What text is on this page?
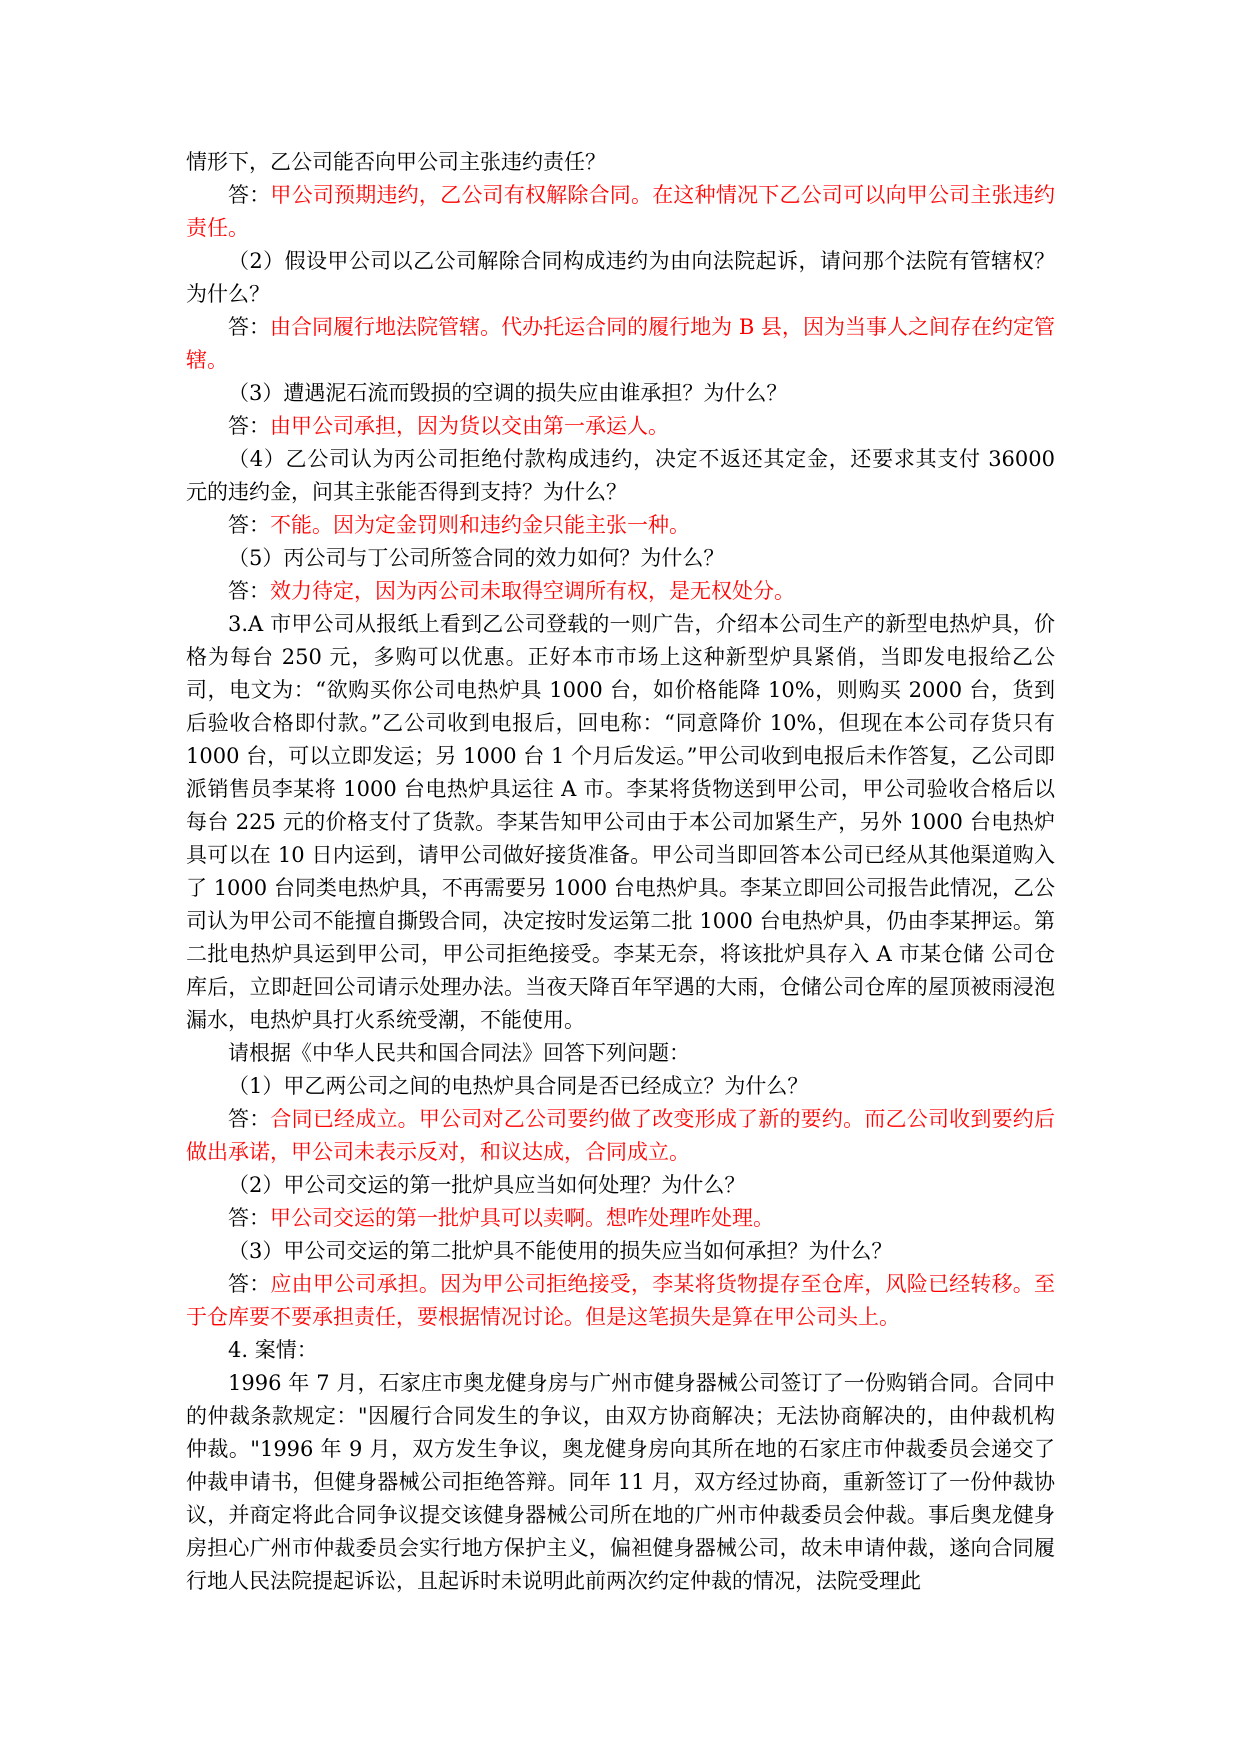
情形下，乙公司能否向甲公司主张违约责任？

答：甲公司预期违约，乙公司有权解除合同。在这种情况下乙公司可以向甲公司主张违约责任。

（2）假设甲公司以乙公司解除合同构成违约为由向法院起诉，请问那个法院有管辖权？为什么？

答：由合同履行地法院管辖。代办托运合同的履行地为 B 县，因为当事人之间存在约定管辖。

（3）遭遇泥石流而毁损的空调的损失应由谁承担？为什么？

答：由甲公司承担，因为货以交由第一承运人。

（4）乙公司认为丙公司拒绝付款构成违约，决定不返还其定金，还要求其支付 36000 元的违约金，问其主张能否得到支持？为什么？

答：不能。因为定金罚则和违约金只能主张一种。

（5）丙公司与丁公司所签合同的效力如何？为什么？

答：效力待定，因为丙公司未取得空调所有权，是无权处分。

3.A 市甲公司从报纸上看到乙公司登载的一则广告，介绍本公司生产的新型电热炉具，价格为每台 250 元，多购可以优惠。正好本市市场上这种新型炉具紧俏，当即发电报给乙公司，电文为：“欲购买你公司电热炉具 1000 台，如价格能降 10%，则购买 2000 台，货到后验收合格即付款。”乙公司收到电报后，回电称：“同意降价 10%，但现在本公司存货只有 1000 台，可以立即发运；另 1000 台 1 个月后发运。”甲公司收到电报后未作答复，乙公司即派销售员李某将 1000 台电热炉具运往 A 市。李某将货物送到甲公司，甲公司验收合格后以每台 225 元的价格支付了货款。李某告知甲公司由于本公司加紧生产，另外 1000 台电热炉具可以在 10 日内运到，请甲公司做好接货准备。甲公司当即回答本公司已经从其他渠道购入了 1000 台同类电热炉具，不再需要另 1000 台电热炉具。李某立即回公司报告此情况，乙公司认为甲公司不能擅自撕毁合同，决定按时发运第二批 1000 台电热炉具，仍由李某押运。第二批电热炉具运到甲公司，甲公司拒绝接受。李某无奈，将该批炉具存入 A 市某仓储 公司仓库后，立即赶回公司请示处理办法。当夜天降百年罕遇的大雨，仓储公司仓库的屋顶被雨浸泡漏水，电热炉具打火系统受潮，不能使用。

请根据《中华人民共和国合同法》回答下列问题：

（1）甲乙两公司之间的电热炉具合同是否已经成立？为什么？

答：合同已经成立。甲公司对乙公司要约做了改变形成了新的要约。而乙公司收到要约后做出承诺，甲公司未表示反对，和议达成，合同成立。

（2）甲公司交运的第一批炉具应当如何处理？为什么？

答：甲公司交运的第一批炉具可以卖啊。想咋处理咋处理。

（3）甲公司交运的第二批炉具不能使用的损失应当如何承担？为什么？

答：应由甲公司承担。因为甲公司拒绝接受，李某将货物提存至仓库，风险已经转移。至于仓库要不要承担责任，要根据情况讨论。但是这笔损失是算在甲公司头上。

4. 案情：

1996 年 7 月，石家庄市奥龙健身房与广州市健身器械公司签订了一份购销合同。合同中的仲裁条款规定："因履行合同发生的争议，由双方协商解决；无法协商解决的，由仲裁机构仲裁。"1996 年 9 月，双方发生争议，奥龙健身房向其所在地的石家庄市仲裁委员会递交了仲裁申请书，但健身器械公司拒绝答辩。同年 11 月，双方经过协商，重新签订了一份仲裁协议，并商定将此合同争议提交该健身器械公司所在地的广州市仲裁委员会仲裁。事后奥龙健身房担心广州市仲裁委员会实行地方保护主义，偏袒健身器械公司，故未申请仲裁，遂向合同履行地人民法院提起诉讼，且起诉时未说明此前两次约定仲裁的情况，法院受理此
